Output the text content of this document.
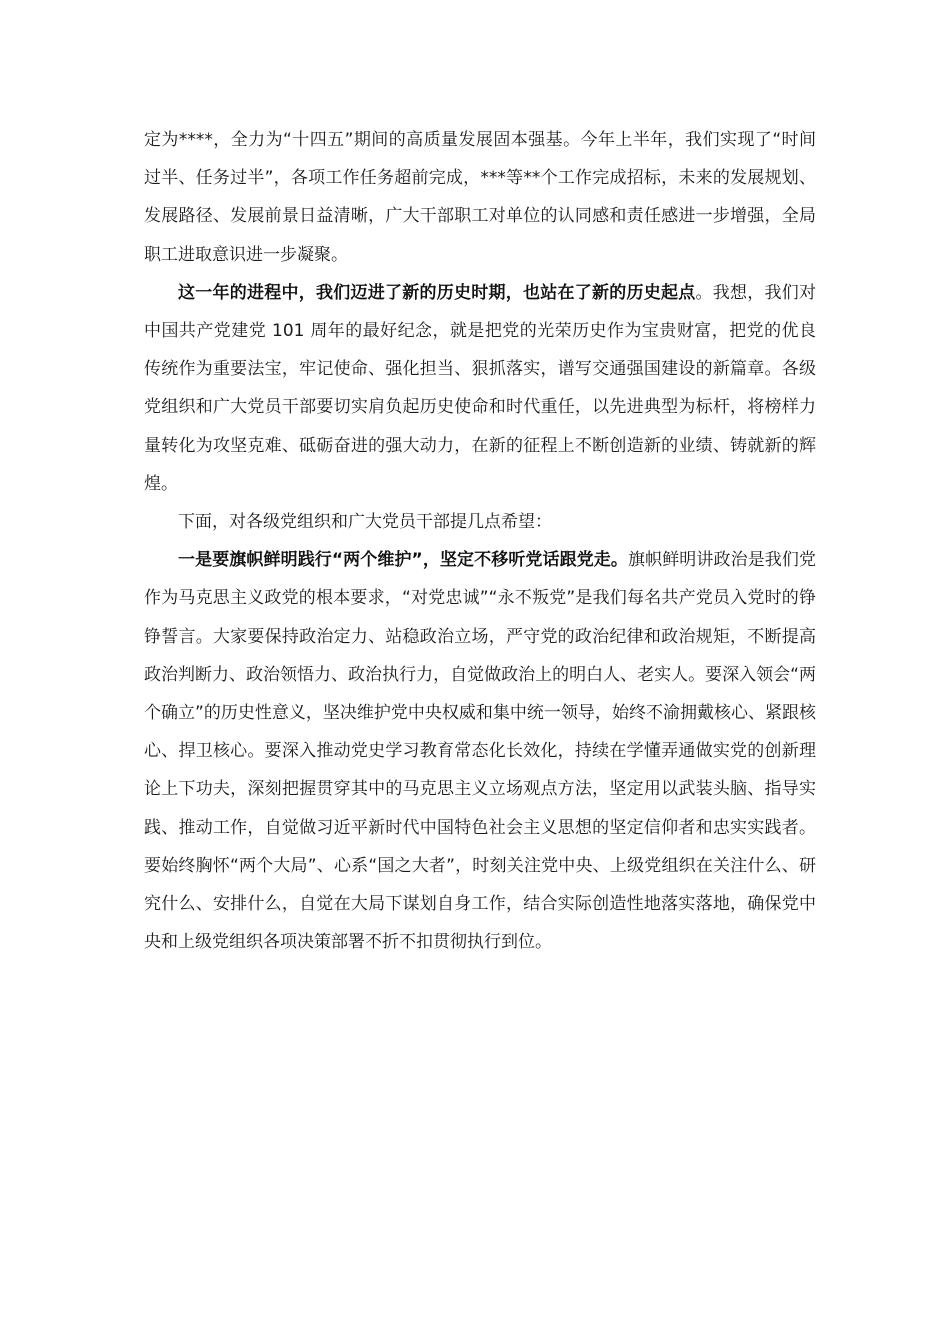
定为****，全力为“十四五”期间的高质量发展固本强基。今年上半年，我们实现了“时间过半、任务过半”，各项工作任务超前完成，***等**个工作完成招标，未来的发展规划、发展路径、发展前景日益清晰，广大干部职工对单位的认同感和责任感进一步增强，全局职工进取意识进一步凝聚。

这一年的进程中，我们迈进了新的历史时期，也站在了新的历史起点。我想，我们对中国共产党建党 101 周年的最好纪念，就是把党的光荣历史作为宝贵财富，把党的优良传统作为重要法宝，牢记使命、强化担当、狠抓落实，谱写交通强国建设的新篇章。各级党组织和广大党员干部要切实肩负起历史使命和时代重任，以先进典型为标杆，将榜样力量转化为攻坚克难、砥砺奋进的强大动力，在新的征程上不断创造新的业绩、铸就新的辉煌。

下面，对各级党组织和广大党员干部提几点希望：

一是要旗帜鲜明践行“两个维护”，坚定不移听党话跟党走。旗帜鲜明讲政治是我们党作为马克思主义政党的根本要求，“对党忠诚”“永不叛党”是我们每名共产党员入党时的铮铮誓言。大家要保持政治定力、站稳政治立场，严守党的政治纪律和政治规矩，不断提高政治判断力、政治领悟力、政治执行力，自觉做政治上的明白人、老实人。要深入领会“两个确立”的历史性意义，坚决维护党中央权威和集中统一领导，始终不渝拥戴核心、紧跟核心、捍卫核心。要深入推动党史学习教育常态化长效化，持续在学懂弄通做实党的创新理论上下功夫，深刻把握贯穿其中的马克思主义立场观点方法，坚定用以武装头脑、指导实践、推动工作，自觉做习近平新时代中国特色社会主义思想的坚定信仰者和忠实实践者。要始终胸怀“两个大局”、心系“国之大者”，时刻关注党中央、上级党组织在关注什么、研究什么、安排什么，自觉在大局下谋划自身工作，结合实际创造性地落实落地，确保党中央和上级党组织各项决策部署不折不扣贯彻执行到位。
